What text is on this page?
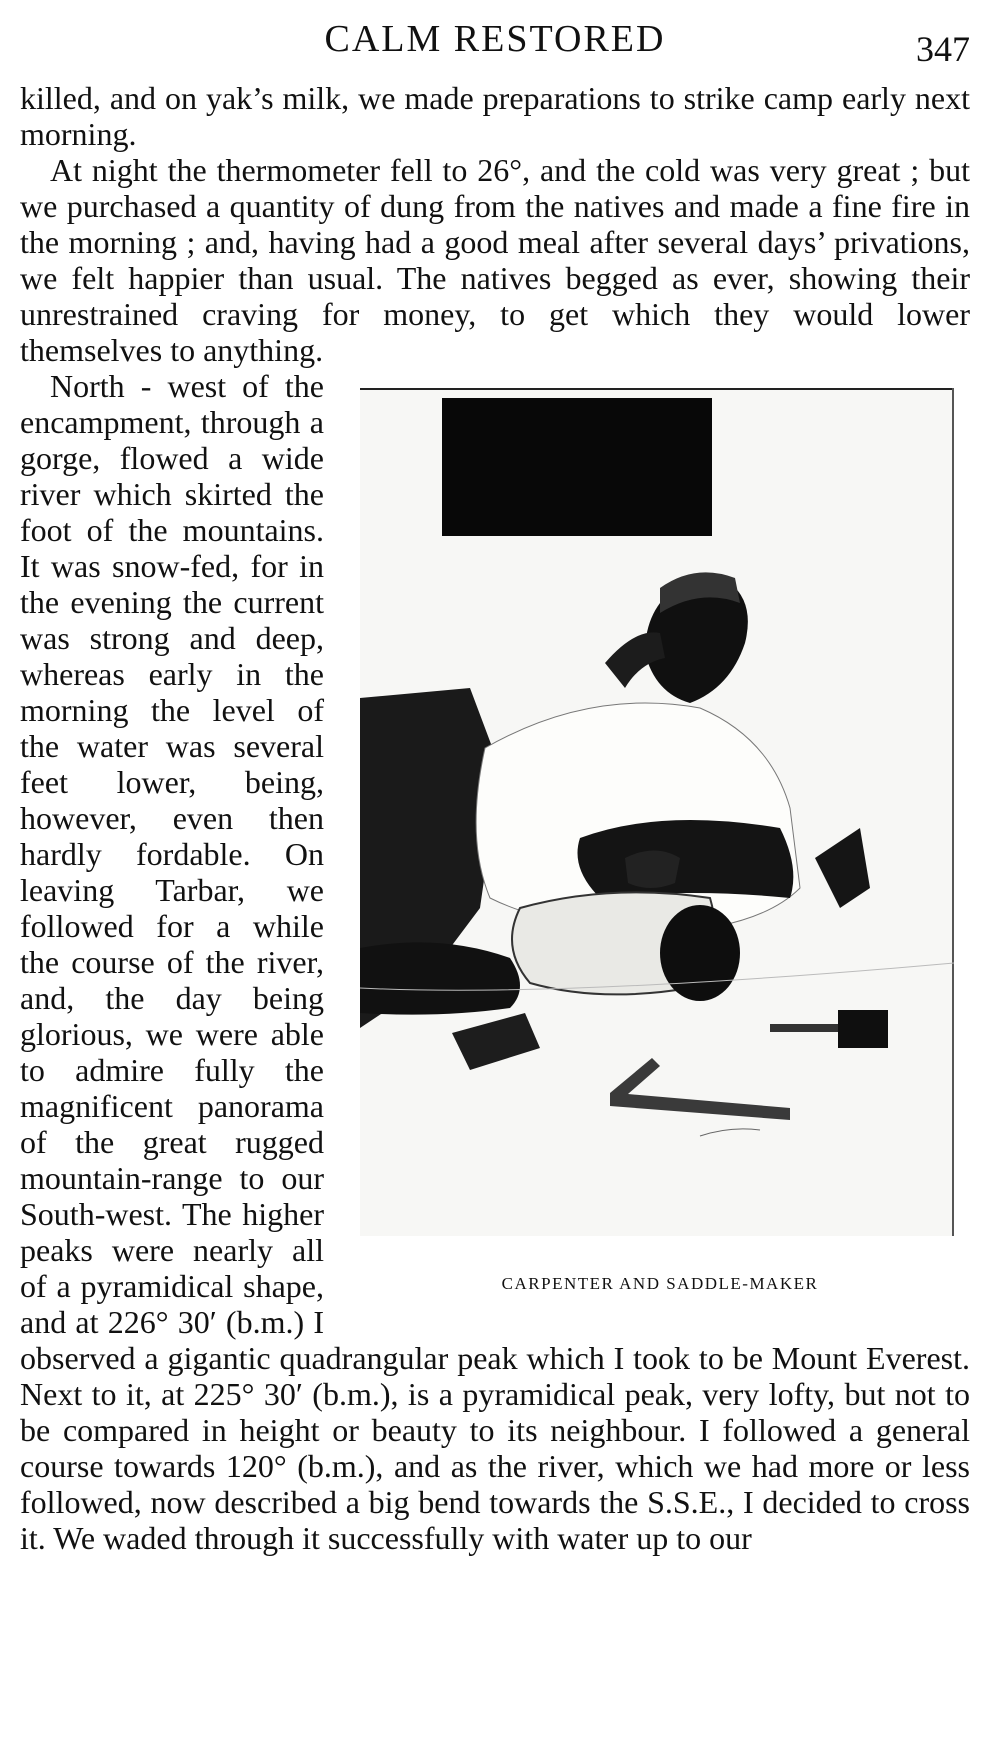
CALM RESTORED	347

killed, and on yak’s milk, we made preparations to strike camp early next morning.

At night the thermometer fell to 26°, and the cold was very great ; but we purchased a quantity of dung from the natives and made a fine fire in the morning ; and, having had a good meal after several days’ privations, we felt happier than usual. The natives begged as ever, showing their unrestrained craving for money, to get which they would lower themselves to anything.

CARPENTER AND SADDLE-MAKER

North - west of the encampment, through a gorge, flowed a wide river which skirted the foot of the mountains. It was snow-fed, for in the evening the current was strong and deep, whereas early in the morning the level of the water was several feet lower, being, however, even then hardly fordable. On leaving Tarbar, we followed for a while the course of the river, and, the day being glorious, we were able to admire fully the magnificent panorama of the great rugged mountain-range to our South-west. The higher peaks were nearly all of a pyramidical shape, and at 226° 30′ (b.m.) I observed a gigantic quadrangular peak which I took to be Mount Everest. Next to it, at 225° 30′ (b.m.), is a pyramidical peak, very lofty, but not to be compared in height or beauty to its neighbour. I followed a general course towards 120° (b.m.), and as the river, which we had more or less followed, now described a big bend towards the S.S.E., I decided to cross it. We waded through it successfully with water up to our
